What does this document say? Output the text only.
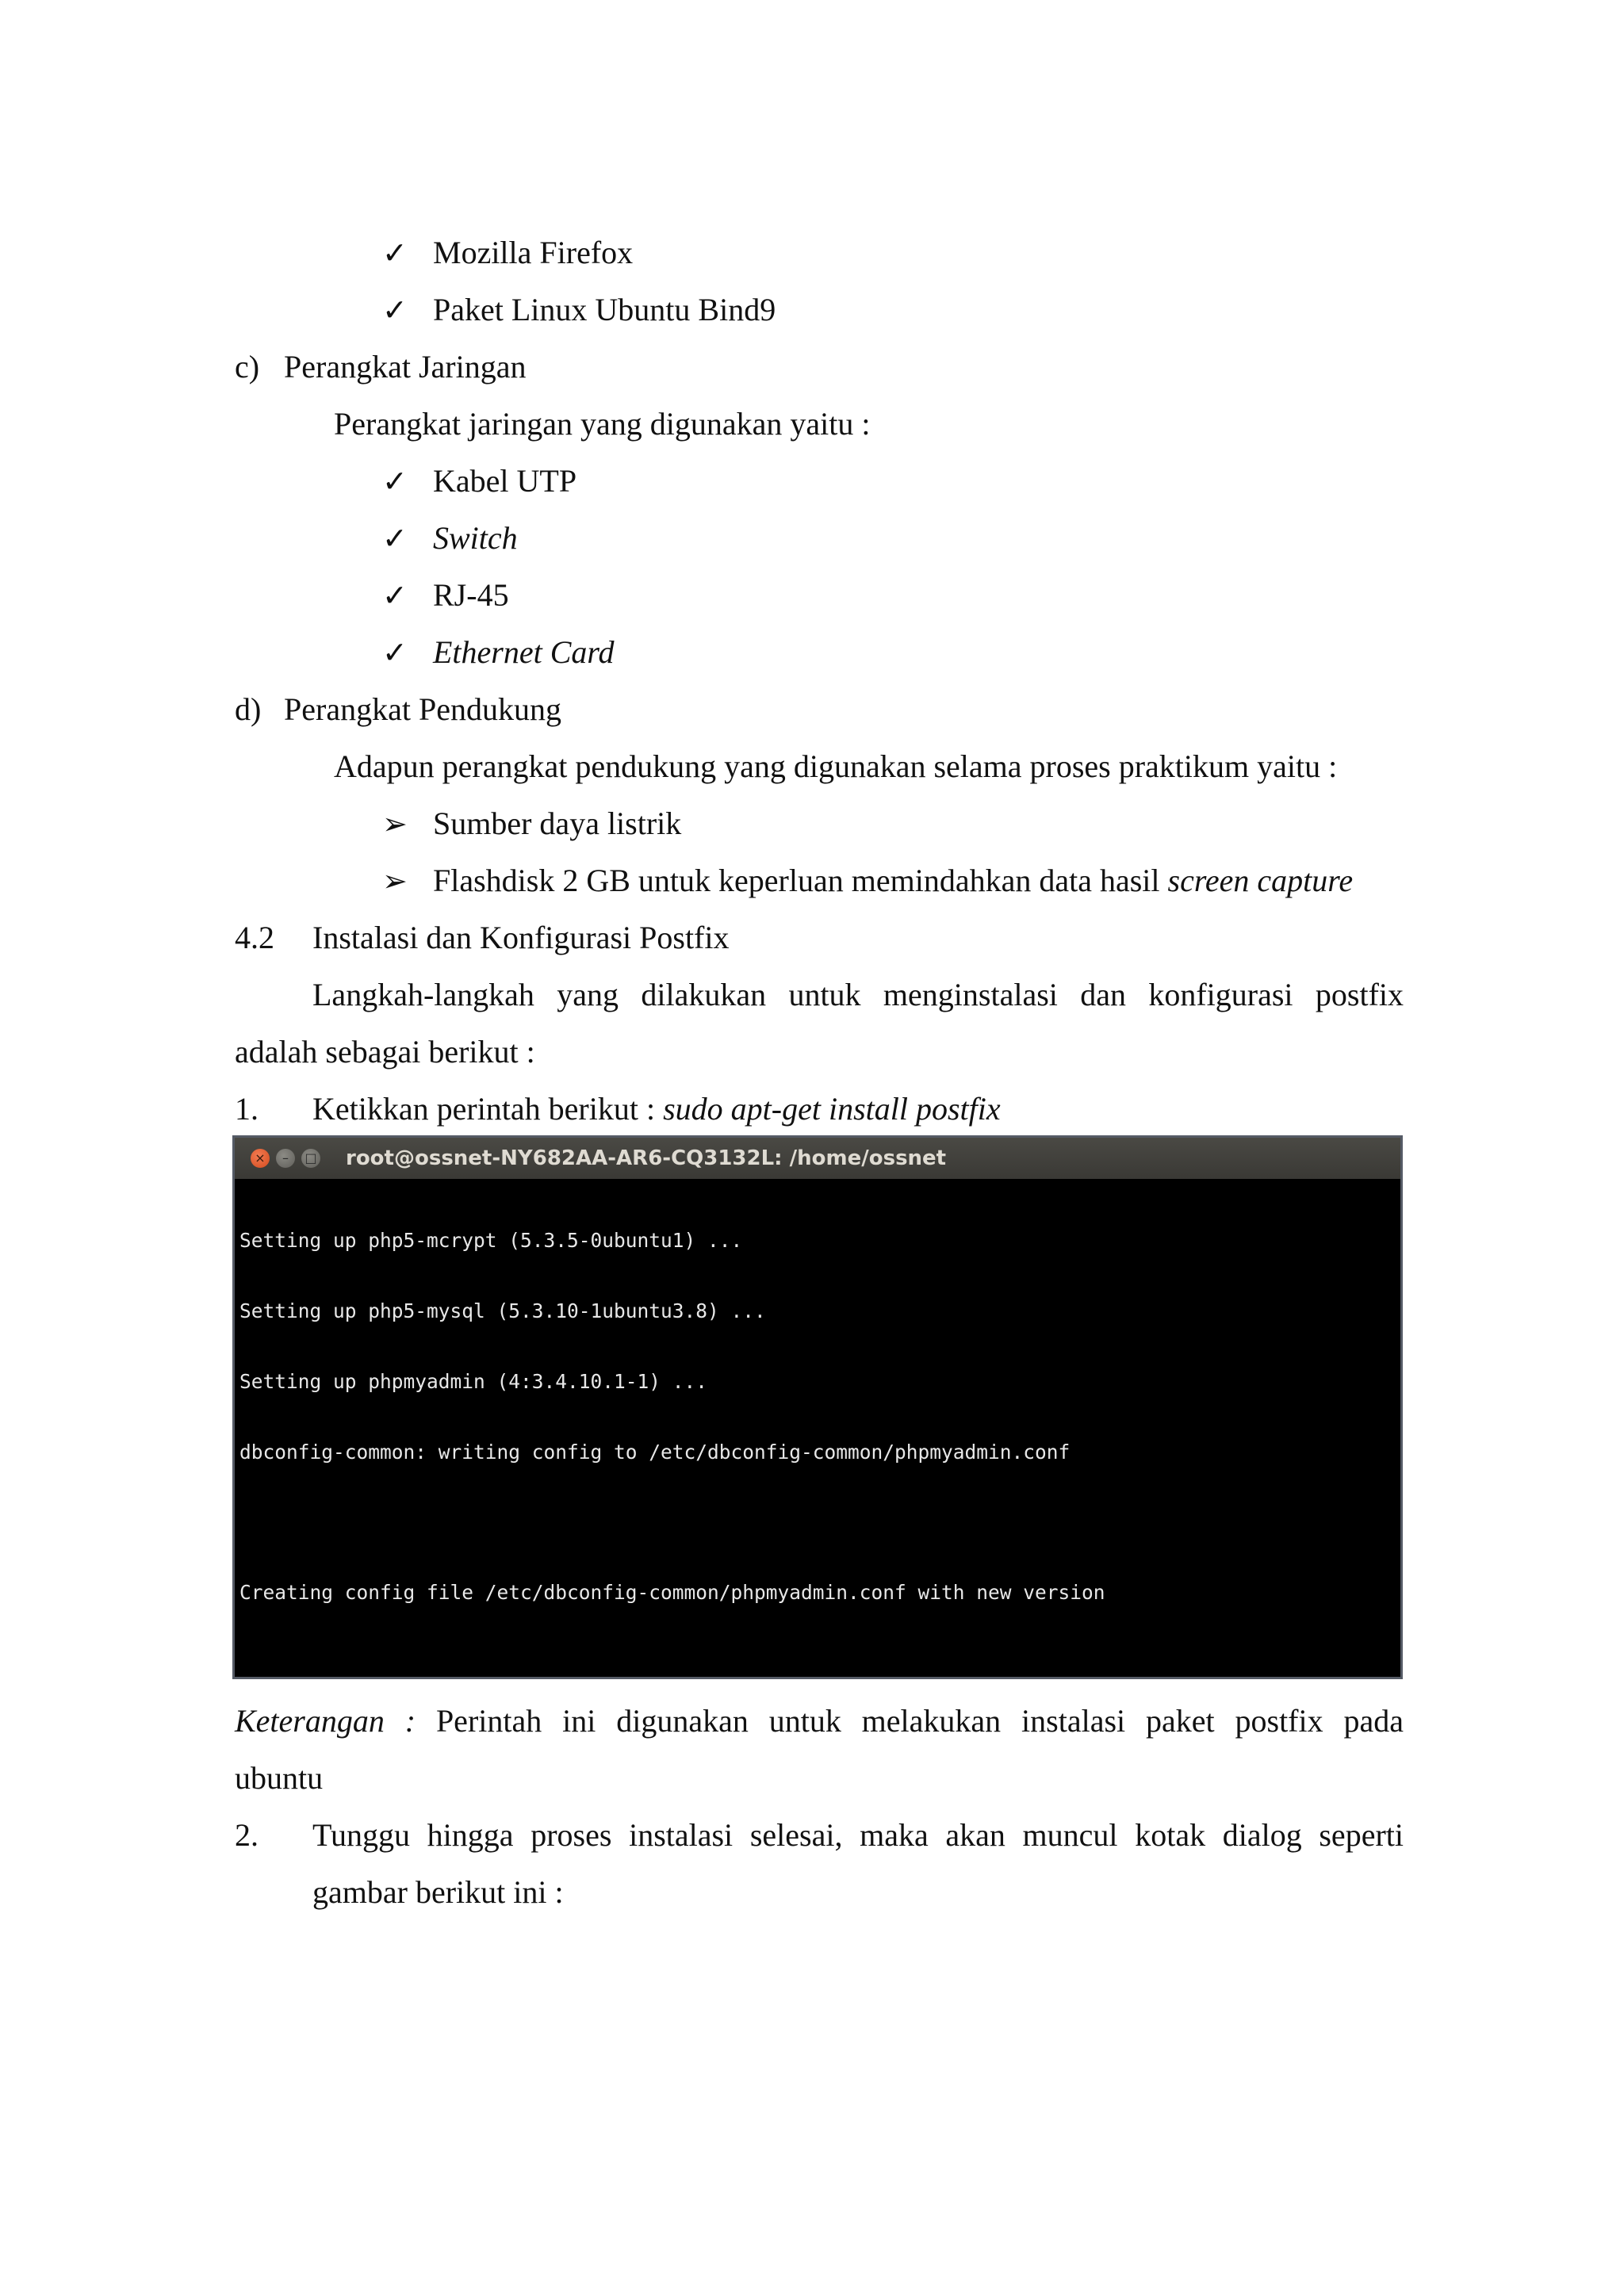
✓ Mozilla Firefox
✓ Paket Linux Ubuntu Bind9
c) Perangkat Jaringan
Perangkat jaringan yang digunakan yaitu :
✓ Kabel UTP
✓ Switch
✓ RJ-45
✓ Ethernet Card
d) Perangkat Pendukung
Adapun perangkat pendukung yang digunakan selama proses praktikum yaitu :
➢ Sumber daya listrik
➢ Flashdisk 2 GB untuk keperluan memindahkan data hasil screen capture
4.2 Instalasi dan Konfigurasi Postfix
Langkah-langkah yang dilakukan untuk menginstalasi dan konfigurasi postfix
adalah sebagai berikut :
1. Ketikkan perintah berikut : sudo apt-get install postfix
×	–	□ root@ossnet-NY682AA-AR6-CQ3132L: /home/ossnet

Setting up php5-mcrypt (5.3.5-0ubuntu1) ...

Setting up php5-mysql (5.3.10-1ubuntu3.8) ...

Setting up phpmyadmin (4:3.4.10.1-1) ...

dbconfig-common: writing config to /etc/dbconfig-common/phpmyadmin.conf

Creating config file /etc/dbconfig-common/phpmyadmin.conf with new version

Keterangan : Perintah ini digunakan untuk melakukan instalasi paket postfix pada
ubuntu
2. Tunggu hingga proses instalasi selesai, maka akan muncul kotak dialog seperti
gambar berikut ini :
